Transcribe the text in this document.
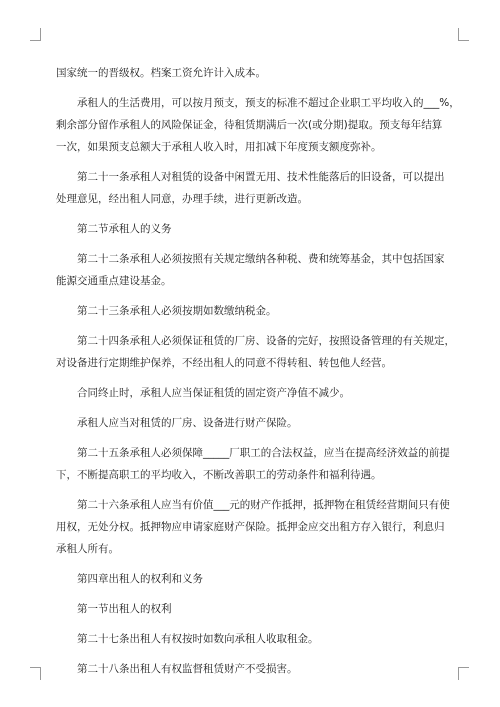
国家统一的晋级权。档案工资允许计入成本。
承租人的生活费用，可以按月预支，预支的标准不超过企业职工平均收入的___%，
剩余部分留作承租人的风险保证金，待租赁期满后一次(或分期)提取。预支每年结算
一次，如果预支总额大于承租人收入时，用扣减下年度预支额度弥补。
第二十一条承租人对租赁的设备中闲置无用、技术性能落后的旧设备，可以提出
处理意见，经出租人同意，办理手续，进行更新改造。
第二节承租人的义务
第二十二条承租人必须按照有关规定缴纳各种税、费和统筹基金，其中包括国家
能源交通重点建设基金。
第二十三条承租人必须按期如数缴纳税金。
第二十四条承租人必须保证租赁的厂房、设备的完好，按照设备管理的有关规定，
对设备进行定期维护保养，不经出租人的同意不得转租、转包他人经营。
合同终止时，承租人应当保证租赁的固定资产净值不减少。
承租人应当对租赁的厂房、设备进行财产保险。
第二十五条承租人必须保障_____厂职工的合法权益，应当在提高经济效益的前提
下，不断提高职工的平均收入，不断改善职工的劳动条件和福利待遇。
第二十六条承租人应当有价值___元的财产作抵押，抵押物在租赁经营期间只有使
用权，无处分权。抵押物应申请家庭财产保险。抵押金应交出租方存入银行，利息归
承租人所有。
第四章出租人的权利和义务
第一节出租人的权利
第二十七条出租人有权按时如数向承租人收取租金。
第二十八条出租人有权监督租赁财产不受损害。
